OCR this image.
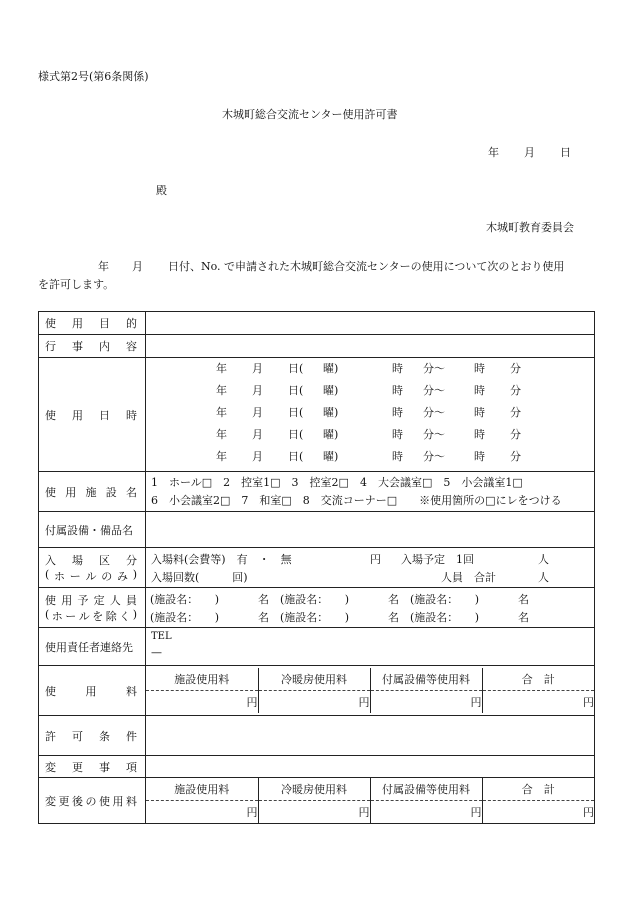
様式第2号(第6条関係)
木城町総合交流センター使用許可書
年 月 日
殿
木城町教育委員会
年 月 日付、No. で申請された木城町総合交流センターの使用について次のとおり使用
を許可します。
使 用 目 的

行 事 内 容

使 用 日 時

年 月 日( 曜)	時 分〜	時 分
年 月 日( 曜)	時 分〜	時 分
年 月 日( 曜)	時 分〜	時 分
年 月 日( 曜)	時 分〜	時 分
年 月 日( 曜)	時 分〜	時 分

使 用 施 設 名

1　ホール□　2　控室1□　3　控室2□　4　大会議室□　5　小会議室1□
6　小会議室2□　7　和室□　8　交流コーナー□　　※使用箇所の□にレをつける

付属設備・備品名	

入 場 区 分
( ホ ー ル の み )

入場料(会費等)　有　・　無	円 入場予定　1回	人
入場回数(　　　回)	人員　合計	人

使 用 予 定 人 員
( ホ ー ル を 除 く )

(施設名：　　)	名 (施設名：　　)	名 (施設名：　　)	名
(施設名：　　)	名 (施設名：　　)	名 (施設名：　　)	名

使用責任者連絡先	
TEL
—

使	用	料

施設使用料	冷暖房使用料	付属設備等使用料	合　計
円	円	円	円

許 可 条 件

変 更 事 項

変 更 後 の 使 用 料

施設使用料	冷暖房使用料	付属設備等使用料	合　計
円	円	円	円
